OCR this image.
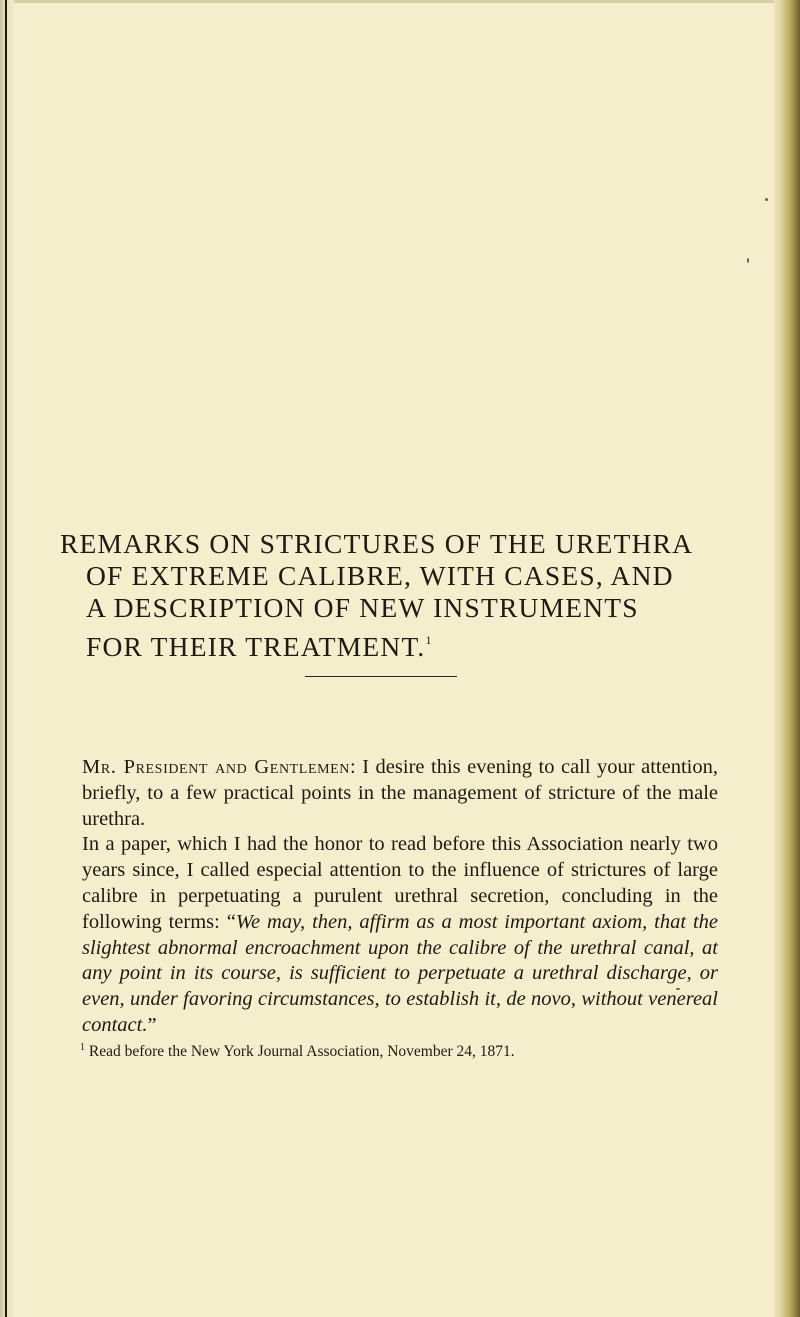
REMARKS ON STRICTURES OF THE URETHRA
OF EXTREME CALIBRE, WITH CASES, AND
A DESCRIPTION OF NEW INSTRUMENTS
FOR THEIR TREATMENT.$^1$

Mr. President and Gentlemen: I desire this evening to call your attention, briefly, to a few practical points in the management of stricture of the male urethra.

In a paper, which I had the honor to read before this Association nearly two years since, I called especial attention to the influence of strictures of large calibre in perpetuating a purulent urethral secretion, concluding in the following terms: “We may, then, affirm as a most important axiom, that the slightest abnormal encroachment upon the calibre of the urethral canal, at any point in its course, is sufficient to perpetuate a urethral discharge, or even, under favoring circumstances, to establish it, de novo, without venereal contact.”

$^1$ Read before the New York Journal Association, November 24, 1871.
